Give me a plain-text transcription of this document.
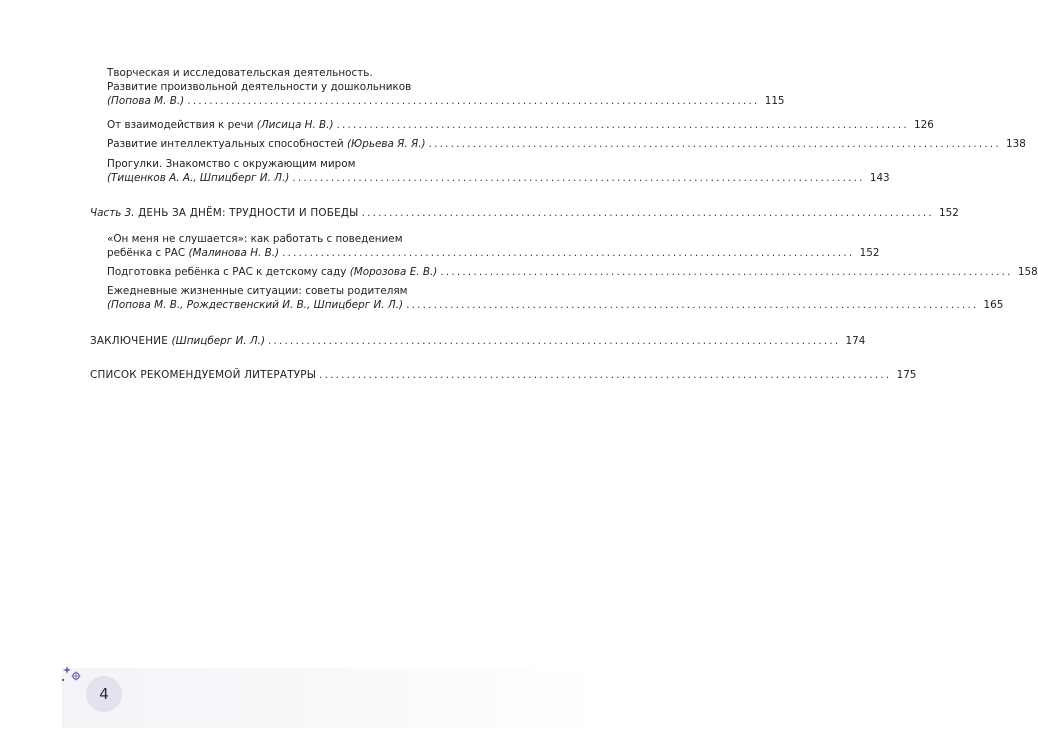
Творческая и исследовательская деятельность.
Развитие произвольной деятельности у дошкольников
(Попова М. В.) ........................................................................................................ 115
От взаимодействия к речи (Лисица Н. В.) ........................................................................................................ 126
Развитие интеллектуальных способностей (Юрьева Я. Я.) ........................................................................................................ 138
Прогулки. Знакомство с окружающим миром
(Тищенков А. А., Шпицберг И. Л.) ........................................................................................................ 143
Часть 3. ДЕНЬ ЗА ДНЁМ: ТРУДНОСТИ И ПОБЕДЫ ........................................................................................................ 152
«Он меня не слушается»: как работать с поведением
ребёнка с РАС (Малинова Н. В.) ........................................................................................................ 152
Подготовка ребёнка с РАС к детскому саду (Морозова Е. В.) ........................................................................................................ 158
Ежедневные жизненные ситуации: советы родителям
(Попова М. В., Рождественский И. В., Шпицберг И. Л.) ........................................................................................................ 165
ЗАКЛЮЧЕНИЕ (Шпицберг И. Л.) ........................................................................................................ 174
СПИСОК РЕКОМЕНДУЕМОЙ ЛИТЕРАТУРЫ ........................................................................................................ 175
4
